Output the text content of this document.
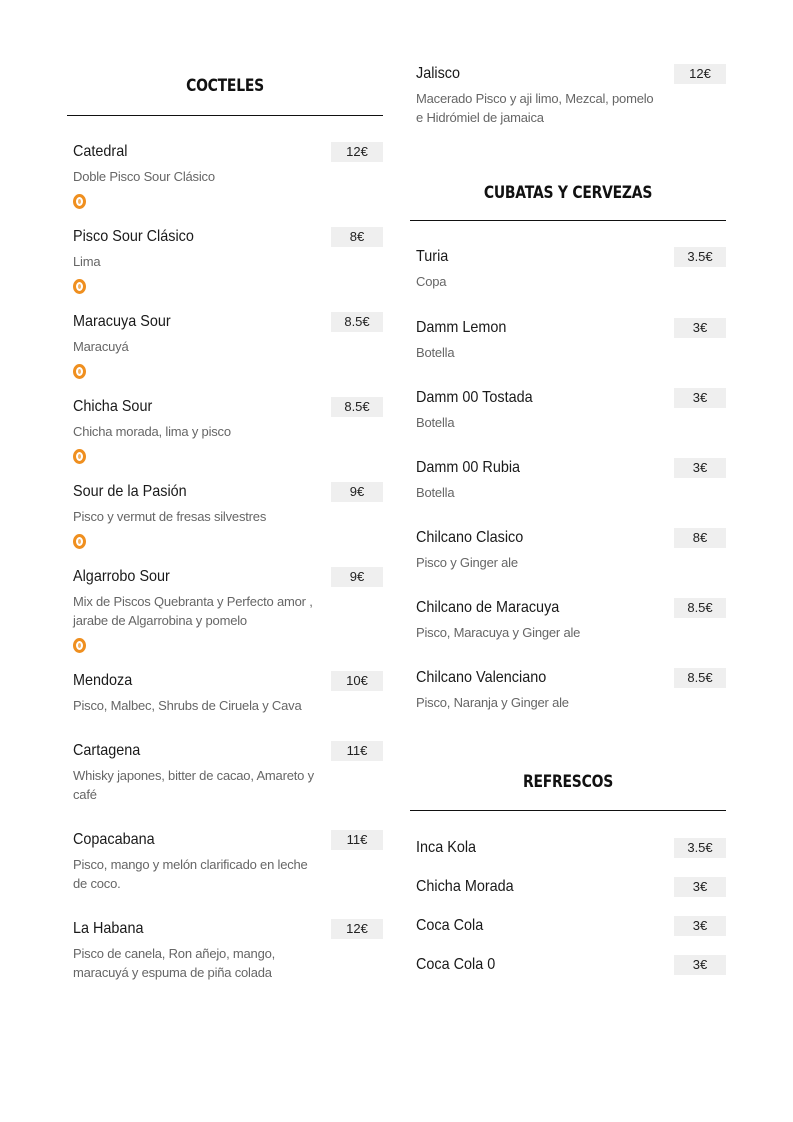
COCTELES
Catedral	12€
Doble Pisco Sour Clásico
Pisco Sour Clásico	8€
Lima
Maracuya Sour	8.5€
Maracuyá
Chicha Sour	8.5€
Chicha morada, lima y pisco
Sour de la Pasión	9€
Pisco y vermut de fresas silvestres
Algarrobo Sour	9€
Mix de Piscos Quebranta y Perfecto amor , jarabe de Algarrobina y pomelo
Mendoza	10€
Pisco, Malbec, Shrubs de Ciruela y Cava
Cartagena	11€
Whisky japones, bitter de cacao, Amareto y café
Copacabana	11€
Pisco, mango y melón clarificado en leche de coco.
La Habana	12€
Pisco de canela, Ron añejo, mango, maracuyá y espuma de piña colada
Jalisco	12€
Macerado Pisco y aji limo, Mezcal, pomelo e Hidrómiel de jamaica
CUBATAS Y CERVEZAS
Turia	3.5€
Copa
Damm Lemon	3€
Botella
Damm 00 Tostada	3€
Botella
Damm 00 Rubia	3€
Botella
Chilcano Clasico	8€
Pisco y Ginger ale
Chilcano de Maracuya	8.5€
Pisco, Maracuya y Ginger ale
Chilcano Valenciano	8.5€
Pisco, Naranja y Ginger ale
REFRESCOS
Inca Kola	3.5€
Chicha Morada	3€
Coca Cola	3€
Coca Cola 0	3€
